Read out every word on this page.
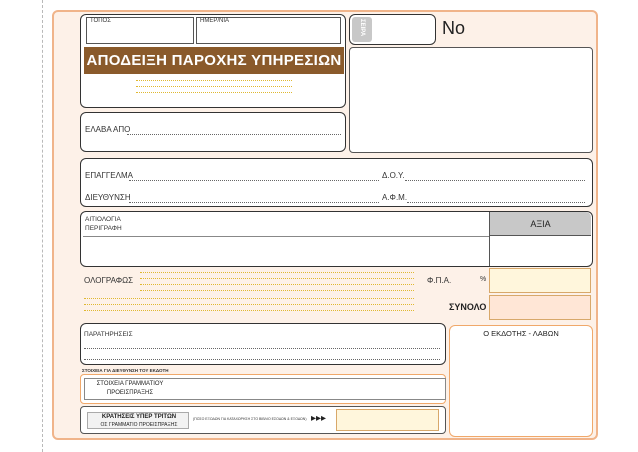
ΤΟΠΟΣ	ΗΜΕΡ/ΝΙΑ
ΑΠΟΔΕΙΞΗ ΠΑΡΟΧΗΣ ΥΠΗΡΕΣΙΩΝ
ΣΕΙΡΑ	No
ΕΛΑΒΑ ΑΠΟ
ΕΠΑΓΓΕΛΜΑ	Δ.Ο.Υ.
ΔΙΕΥΘΥΝΣΗ	Α.Φ.Μ.
ΑΙΤΙΟΛΟΓΙΑ
ΠΕΡΙΓΡΑΦΗ	ΑΞΙΑ
ΟΛΟΓΡΑΦΩΣ	Φ.Π.Α.	%
ΣΥΝΟΛΟ
ΠΑΡΑΤΗΡΗΣΕΙΣ	Ο ΕΚΔΟΤΗΣ - ΛΑΒΩΝ
ΣΤΟΙΧΕΙΑ ΓΙΑ ΔΙΕΥΘΥΝΣΗ ΤΟΥ ΕΚΔΟΤΗ
ΣΤΟΙΧΕΙΑ ΓΡΑΜΜΑΤΙΟΥ
ΠΡΟΕΙΣΠΡΑΞΗΣ
ΚΡΑΤΗΣΕΙΣ ΥΠΕΡ ΤΡΙΤΩΝ
ΟΣ ΓΡΑΜΜΑΤΙΟ ΠΡΟΕΙΣΠΡΑΞΗΣ
(ΠΟΣΟ ΕΞΟΔΩΝ ΓΙΑ ΚΑΤΑΧΩΡΗΣΗ ΣΤΟ ΒΙΒΛΙΟ ΕΣΟΔΩΝ & ΕΞΟΔΩΝ) ▸▸▸
